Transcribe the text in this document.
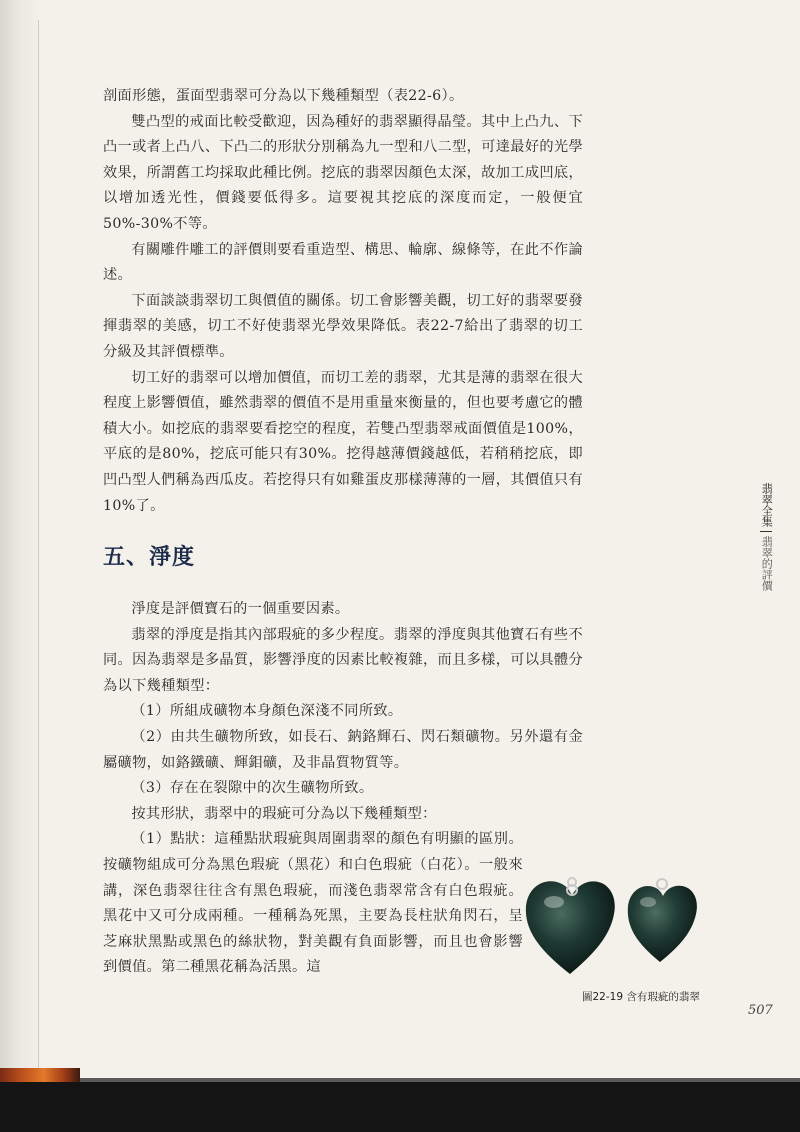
剖面形態，蛋面型翡翠可分為以下幾種類型（表22-6）。

雙凸型的戒面比較受歡迎，因為種好的翡翠顯得晶瑩。其中上凸九、下凸一或者上凸八、下凸二的形狀分別稱為九一型和八二型，可達最好的光學效果，所謂舊工均採取此種比例。挖底的翡翠因顏色太深，故加工成凹底，以增加透光性，價錢要低得多。這要視其挖底的深度而定，一般便宜50%-30%不等。

有關雕件雕工的評價則要看重造型、構思、輪廓、線條等，在此不作論述。

下面談談翡翠切工與價值的關係。切工會影響美觀，切工好的翡翠要發揮翡翠的美感，切工不好使翡翠光學效果降低。表22-7給出了翡翠的切工分級及其評價標準。

切工好的翡翠可以增加價值，而切工差的翡翠，尤其是薄的翡翠在很大程度上影響價值，雖然翡翠的價值不是用重量來衡量的，但也要考慮它的體積大小。如挖底的翡翠要看挖空的程度，若雙凸型翡翠戒面價值是100%，平底的是80%，挖底可能只有30%。挖得越薄價錢越低，若稍稍挖底，即凹凸型人們稱為西瓜皮。若挖得只有如雞蛋皮那樣薄薄的一層，其價值只有10%了。

五、淨度

淨度是評價寶石的一個重要因素。

翡翠的淨度是指其內部瑕疵的多少程度。翡翠的淨度與其他寶石有些不同。因為翡翠是多晶質，影響淨度的因素比較複雜，而且多樣，可以具體分為以下幾種類型：

（1）所組成礦物本身顏色深淺不同所致。

（2）由共生礦物所致，如長石、鈉鉻輝石、閃石類礦物。另外還有金屬礦物，如鉻鐵礦、輝鉬礦，及非晶質物質等。

（3）存在在裂隙中的次生礦物所致。

按其形狀，翡翠中的瑕疵可分為以下幾種類型：

（1）點狀：這種點狀瑕疵與周圍翡翠的顏色有明顯的區別。按礦物組成可分為黑色瑕疵（黑花）和白色瑕疵（白花）。一般來講，深色翡翠往往含有黑色瑕疵，而淺色翡翠常含有白色瑕疵。黑花中又可分成兩種。一種稱為死黑，主要為長柱狀角閃石，呈芝麻狀黑點或黑色的絲狀物，對美觀有負面影響，而且也會影響到價值。第二種黑花稱為活黑。這

翡翠全集
翡翠的評價

圖22-19 含有瑕疵的翡翠

507
